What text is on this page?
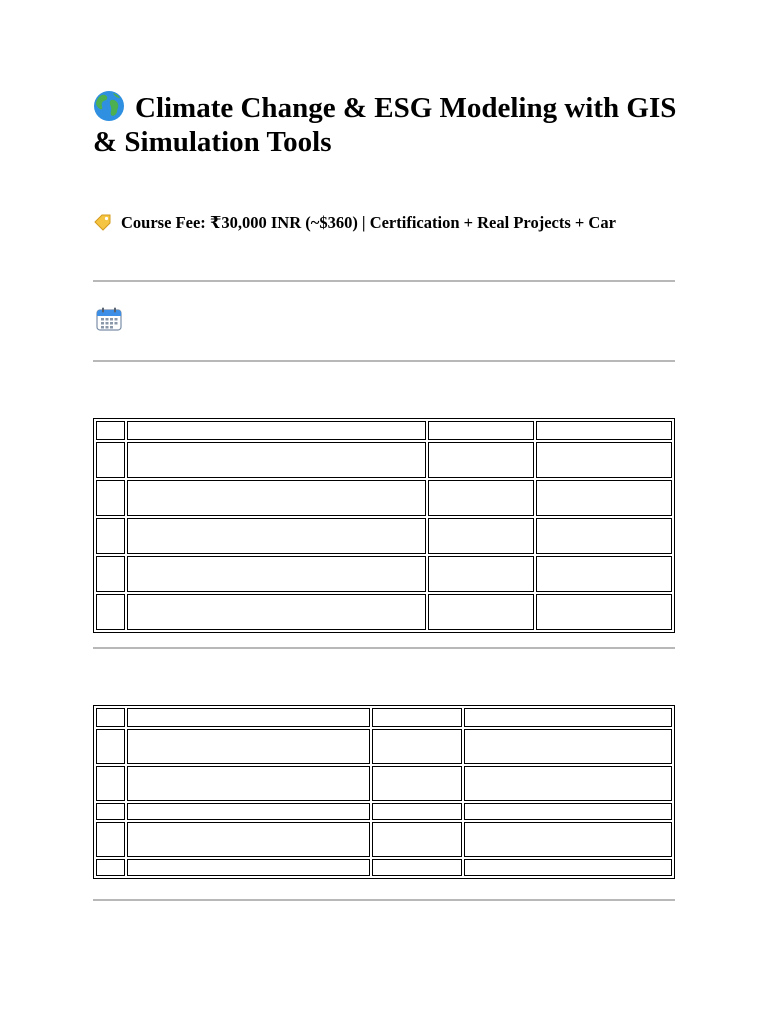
Climate Change & ESG Modeling with GIS & Simulation Tools

Course Fee: ₹30,000 INR (~$360) | Certification + Real Projects + Car
